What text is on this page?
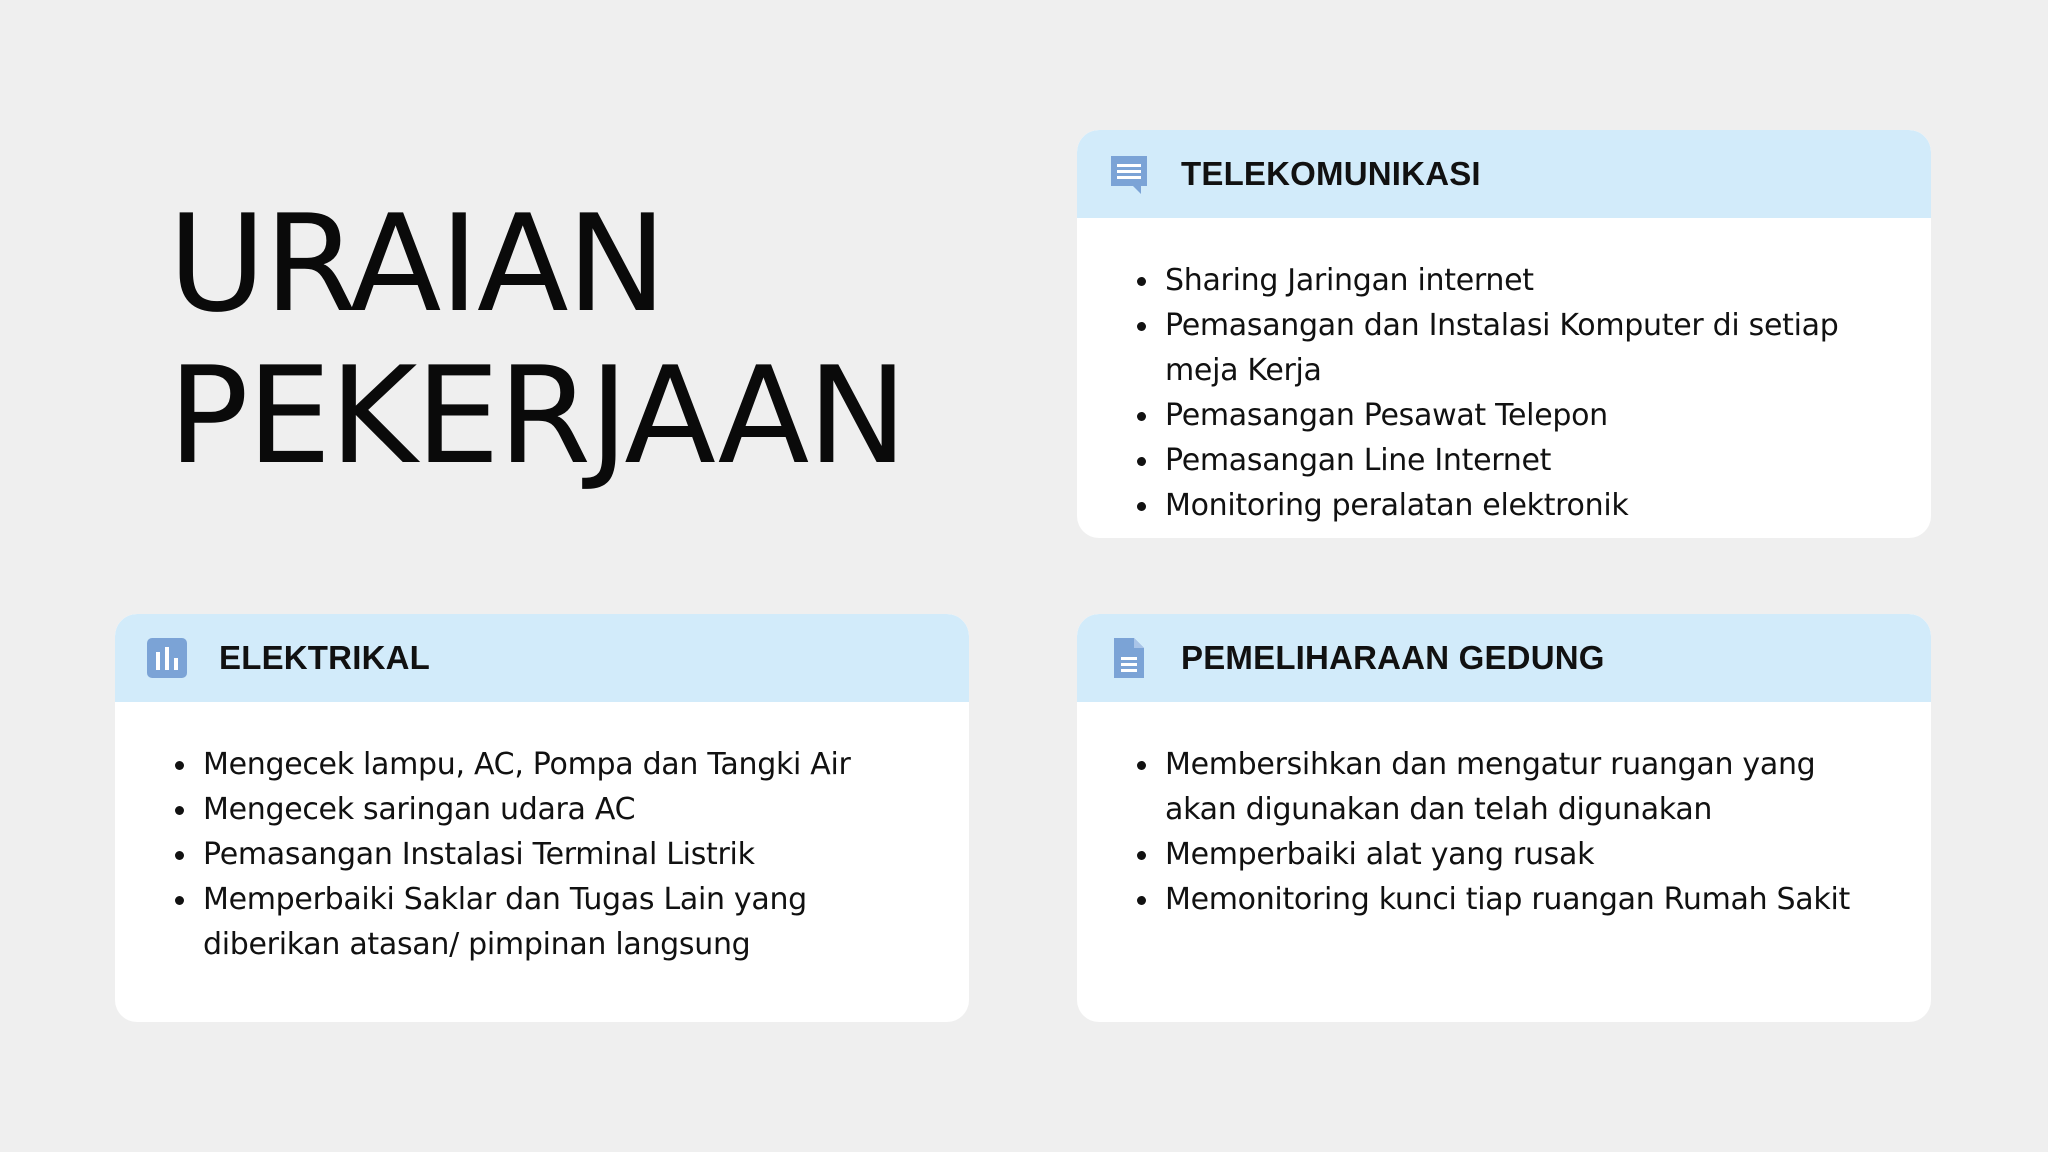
URAIAN
PEKERJAAN
TELEKOMUNIKASI
Sharing Jaringan internet
Pemasangan dan Instalasi Komputer di setiap meja Kerja
Pemasangan Pesawat Telepon
Pemasangan Line Internet
Monitoring peralatan elektronik
ELEKTRIKAL
Mengecek lampu, AC, Pompa dan Tangki Air
Mengecek saringan udara AC
Pemasangan Instalasi Terminal Listrik
Memperbaiki Saklar dan Tugas Lain yang diberikan atasan/ pimpinan langsung
PEMELIHARAAN GEDUNG
Membersihkan dan mengatur ruangan yang akan digunakan dan telah digunakan
Memperbaiki alat yang rusak
Memonitoring kunci tiap ruangan Rumah Sakit
